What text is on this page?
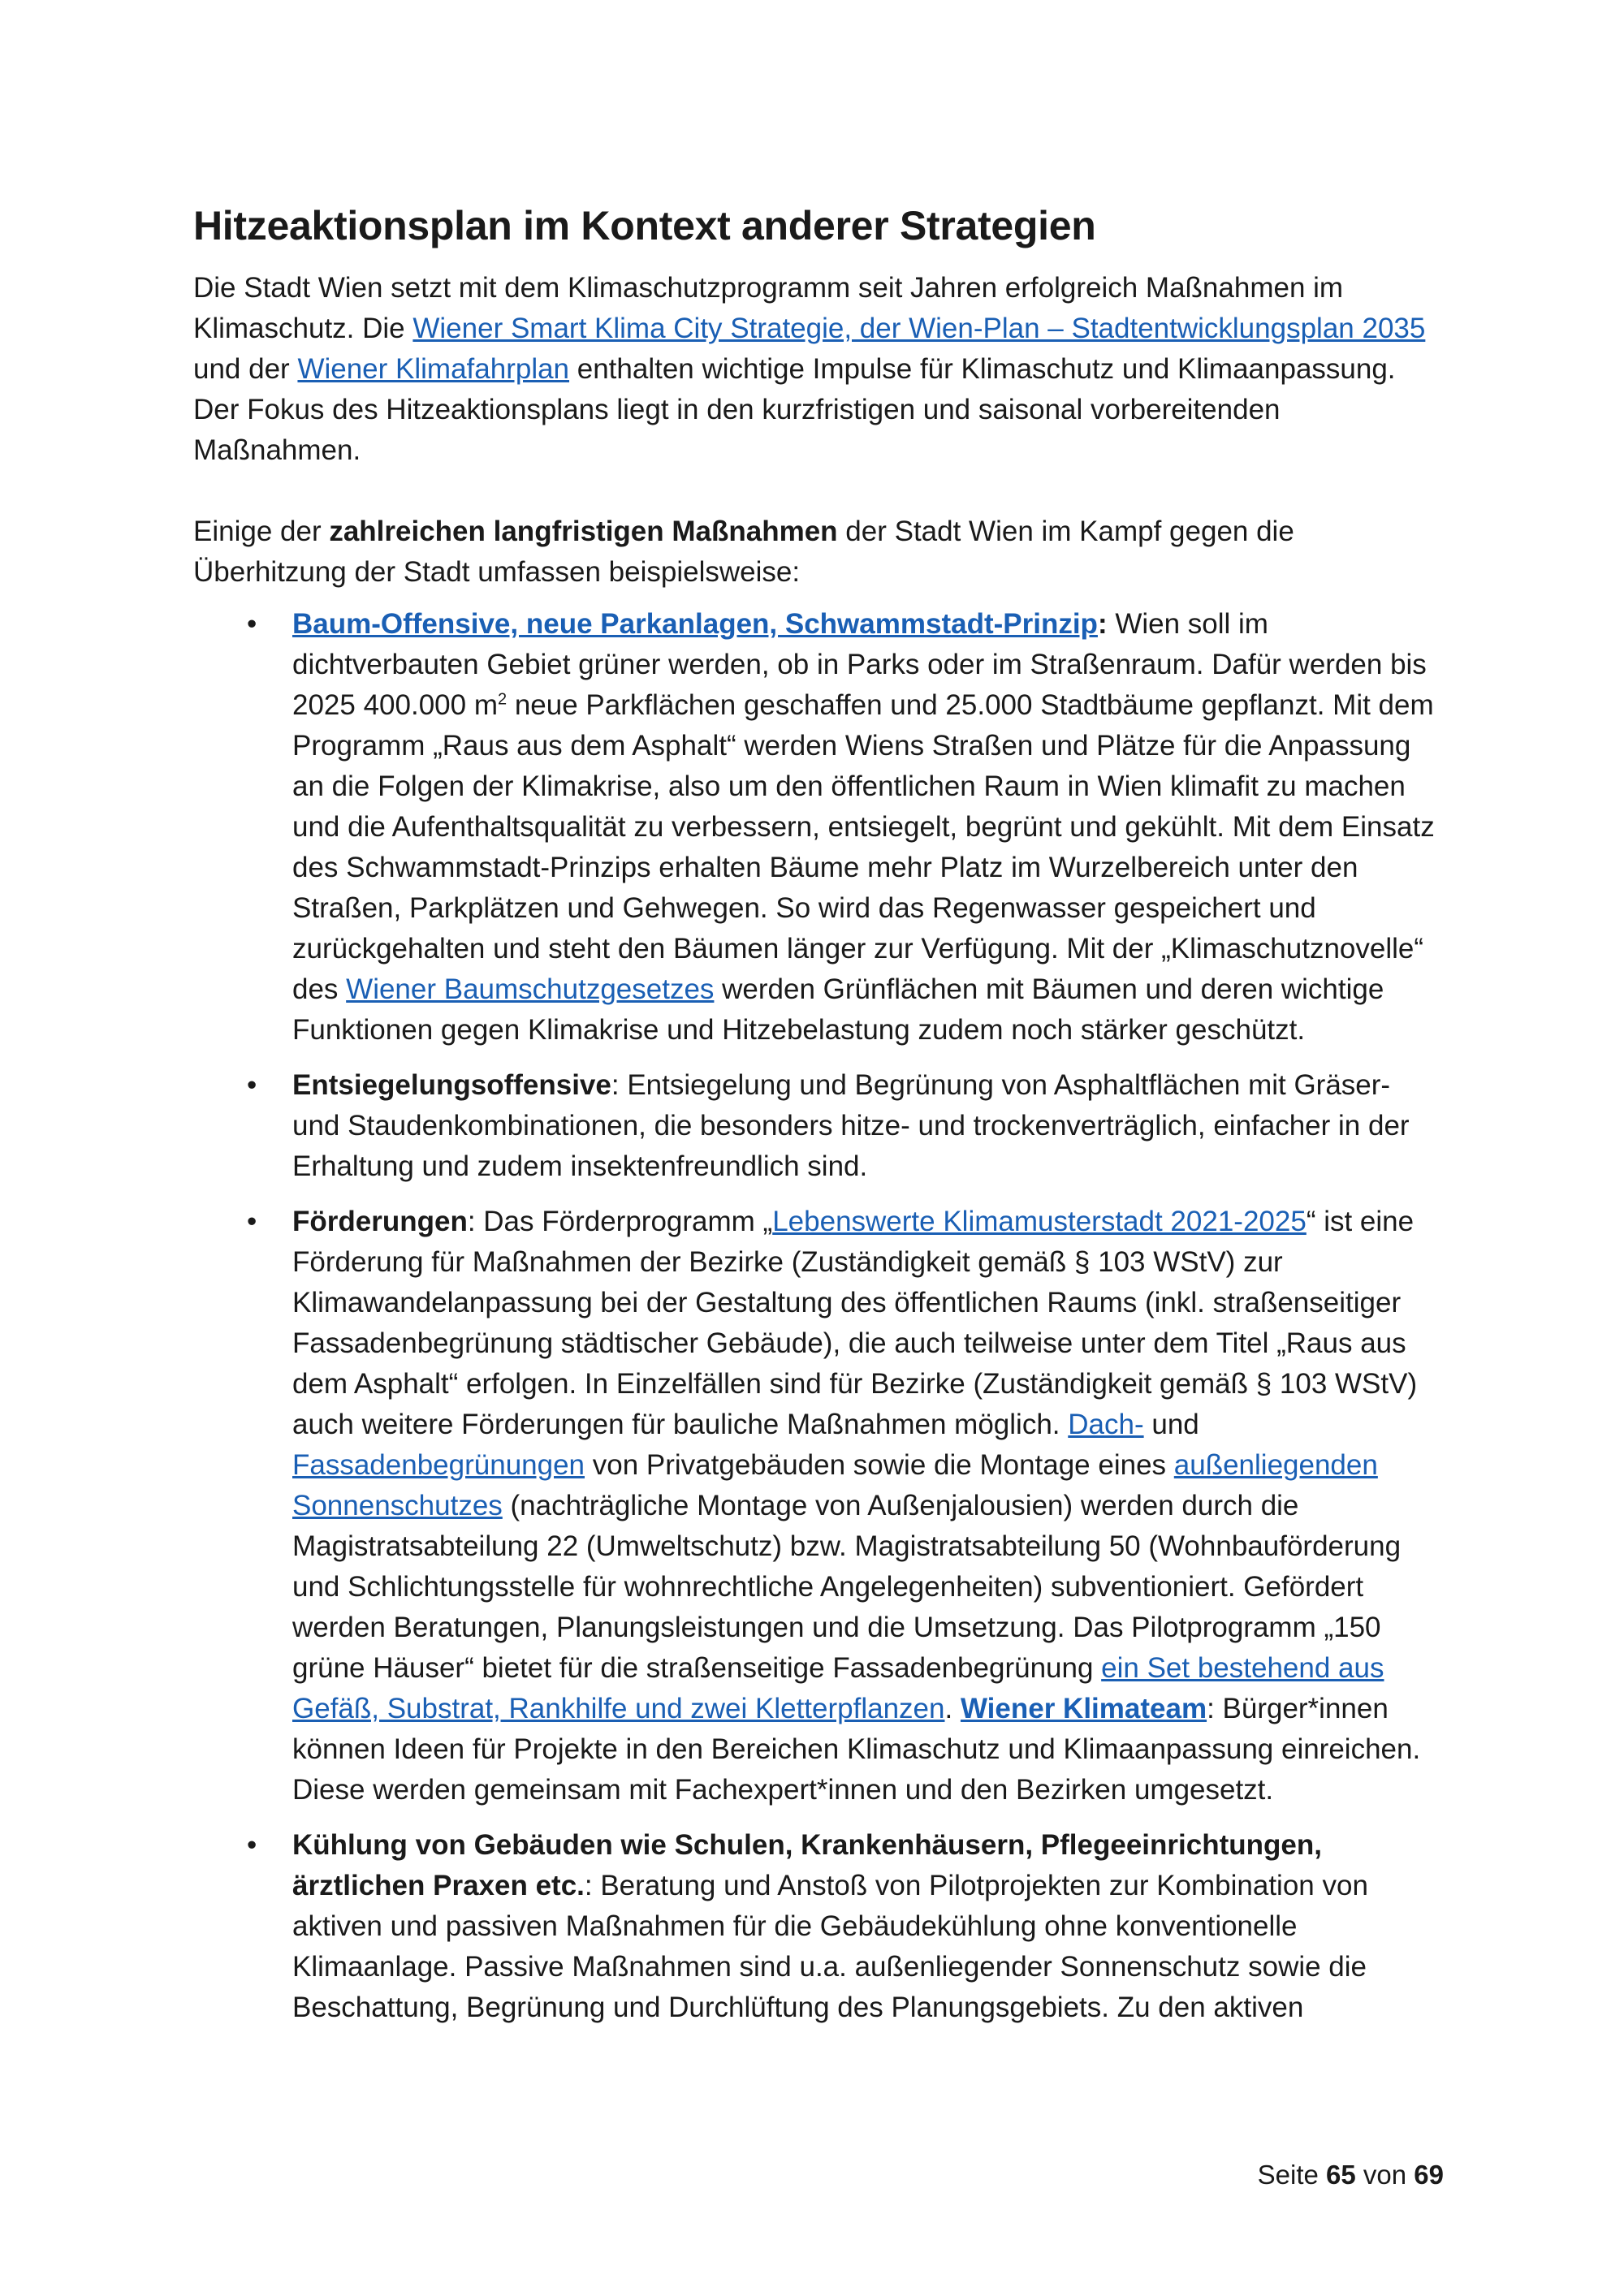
Hitzeaktionsplan im Kontext anderer Strategien

Die Stadt Wien setzt mit dem Klimaschutzprogramm seit Jahren erfolgreich Maßnahmen im Klimaschutz. Die Wiener Smart Klima City Strategie, der Wien-Plan – Stadtentwicklungsplan 2035 und der Wiener Klimafahrplan enthalten wichtige Impulse für Klimaschutz und Klimaanpassung. Der Fokus des Hitzeaktionsplans liegt in den kurzfristigen und saisonal vorbereitenden Maßnahmen.

Einige der zahlreichen langfristigen Maßnahmen der Stadt Wien im Kampf gegen die Überhitzung der Stadt umfassen beispielsweise:

• Baum-Offensive, neue Parkanlagen, Schwammstadt-Prinzip: Wien soll im dichtverbauten Gebiet grüner werden, ob in Parks oder im Straßenraum. Dafür werden bis 2025 400.000 $m^2$ neue Parkflächen geschaffen und 25.000 Stadtbäume gepflanzt. Mit dem Programm „Raus aus dem Asphalt“ werden Wiens Straßen und Plätze für die Anpassung an die Folgen der Klimakrise, also um den öffentlichen Raum in Wien klimafit zu machen und die Aufenthaltsqualität zu verbessern, entsiegelt, begrünt und gekühlt. Mit dem Einsatz des Schwammstadt-Prinzips erhalten Bäume mehr Platz im Wurzelbereich unter den Straßen, Parkplätzen und Gehwegen. So wird das Regenwasser gespeichert und zurückgehalten und steht den Bäumen länger zur Verfügung. Mit der „Klimaschutznovelle“ des Wiener Baumschutzgesetzes werden Grünflächen mit Bäumen und deren wichtige Funktionen gegen Klimakrise und Hitzebelastung zudem noch stärker geschützt.
• Entsiegelungsoffensive: Entsiegelung und Begrünung von Asphaltflächen mit Gräser- und Staudenkombinationen, die besonders hitze- und trockenverträglich, einfacher in der Erhaltung und zudem insektenfreundlich sind.
• Förderungen: Das Förderprogramm „Lebenswerte Klimamusterstadt 2021-2025“ ist eine Förderung für Maßnahmen der Bezirke (Zuständigkeit gemäß § 103 WStV) zur Klimawandelanpassung bei der Gestaltung des öffentlichen Raums (inkl. straßenseitiger Fassadenbegrünung städtischer Gebäude), die auch teilweise unter dem Titel „Raus aus dem Asphalt“ erfolgen. In Einzelfällen sind für Bezirke (Zuständigkeit gemäß § 103 WStV) auch weitere Förderungen für bauliche Maßnahmen möglich. Dach- und Fassadenbegrünungen von Privatgebäuden sowie die Montage eines außenliegenden Sonnenschutzes (nachträgliche Montage von Außenjalousien) werden durch die Magistratsabteilung 22 (Umweltschutz) bzw. Magistratsabteilung 50 (Wohnbauförderung und Schlichtungsstelle für wohnrechtliche Angelegenheiten) subventioniert. Gefördert werden Beratungen, Planungsleistungen und die Umsetzung. Das Pilotprogramm „150 grüne Häuser“ bietet für die straßenseitige Fassadenbegrünung ein Set bestehend aus Gefäß, Substrat, Rankhilfe und zwei Kletterpflanzen. Wiener Klimateam: Bürger*innen können Ideen für Projekte in den Bereichen Klimaschutz und Klimaanpassung einreichen. Diese werden gemeinsam mit Fachexpert*innen und den Bezirken umgesetzt.
• Kühlung von Gebäuden wie Schulen, Krankenhäusern, Pflegeeinrichtungen, ärztlichen Praxen etc.: Beratung und Anstoß von Pilotprojekten zur Kombination von aktiven und passiven Maßnahmen für die Gebäudekühlung ohne konventionelle Klimaanlage. Passive Maßnahmen sind u.a. außenliegender Sonnenschutz sowie die Beschattung, Begrünung und Durchlüftung des Planungsgebiets. Zu den aktiven
Seite 65 von 69
